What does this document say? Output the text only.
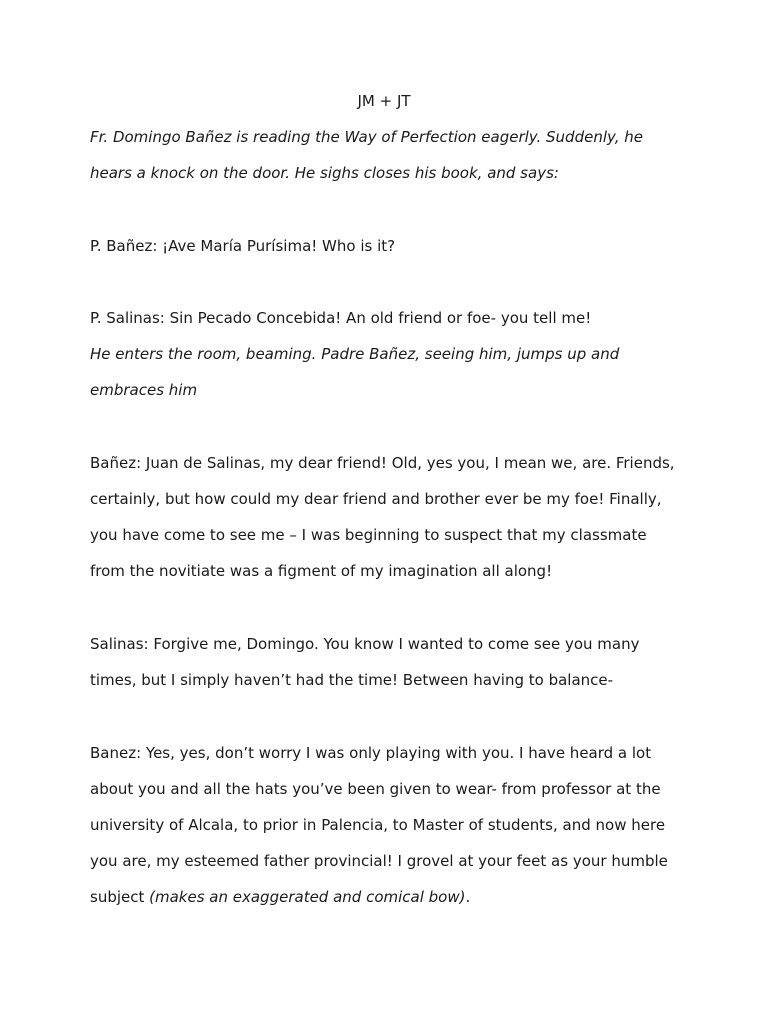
JM + JT
Fr. Domingo Bañez is reading the Way of Perfection eagerly. Suddenly, he
hears a knock on the door. He sighs closes his book, and says:
P. Bañez: ¡Ave María Purísima! Who is it?
P. Salinas: Sin Pecado Concebida! An old friend or foe- you tell me!
He enters the room, beaming. Padre Bañez, seeing him, jumps up and
embraces him
Bañez: Juan de Salinas, my dear friend! Old, yes you, I mean we, are. Friends,
certainly, but how could my dear friend and brother ever be my foe! Finally,
you have come to see me – I was beginning to suspect that my classmate
from the novitiate was a figment of my imagination all along!
Salinas: Forgive me, Domingo. You know I wanted to come see you many
times, but I simply haven’t had the time! Between having to balance-
Banez: Yes, yes, don’t worry I was only playing with you. I have heard a lot
about you and all the hats you’ve been given to wear- from professor at the
university of Alcala, to prior in Palencia, to Master of students, and now here
you are, my esteemed father provincial! I grovel at your feet as your humble
subject (makes an exaggerated and comical bow).
